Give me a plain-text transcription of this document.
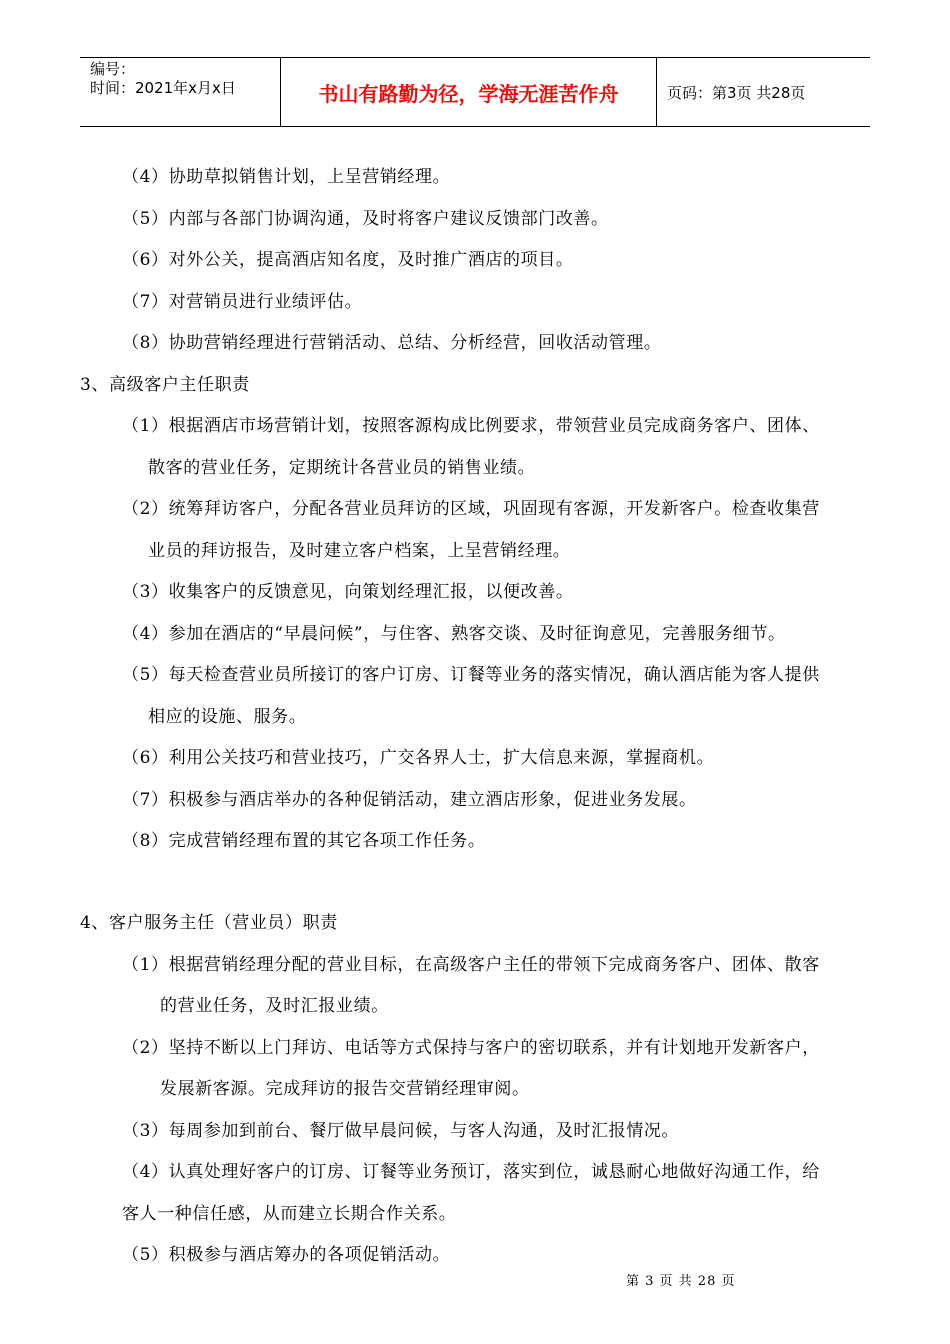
编号：
时间：2021年x月x日	书山有路勤为径，学海无涯苦作舟	页码：第3页 共28页
（4）协助草拟销售计划，上呈营销经理。
（5）内部与各部门协调沟通，及时将客户建议反馈部门改善。
（6）对外公关，提高酒店知名度，及时推广酒店的项目。
（7）对营销员进行业绩评估。
（8）协助营销经理进行营销活动、总结、分析经营，回收活动管理。
3、高级客户主任职责
（1）根据酒店市场营销计划，按照客源构成比例要求，带领营业员完成商务客户、团体、
散客的营业任务，定期统计各营业员的销售业绩。
（2）统筹拜访客户，分配各营业员拜访的区域，巩固现有客源，开发新客户。检查收集营
业员的拜访报告，及时建立客户档案，上呈营销经理。
（3）收集客户的反馈意见，向策划经理汇报，以便改善。
（4）参加在酒店的“早晨问候”，与住客、熟客交谈、及时征询意见，完善服务细节。
（5）每天检查营业员所接订的客户订房、订餐等业务的落实情况，确认酒店能为客人提供
相应的设施、服务。
（6）利用公关技巧和营业技巧，广交各界人士，扩大信息来源，掌握商机。
（7）积极参与酒店举办的各种促销活动，建立酒店形象，促进业务发展。
（8）完成营销经理布置的其它各项工作任务。
4、客户服务主任（营业员）职责
（1）根据营销经理分配的营业目标，在高级客户主任的带领下完成商务客户、团体、散客
的营业任务，及时汇报业绩。
（2）坚持不断以上门拜访、电话等方式保持与客户的密切联系，并有计划地开发新客户，
发展新客源。完成拜访的报告交营销经理审阅。
（3）每周参加到前台、餐厅做早晨问候，与客人沟通，及时汇报情况。
（4）认真处理好客户的订房、订餐等业务预订，落实到位，诚恳耐心地做好沟通工作，给
客人一种信任感，从而建立长期合作关系。
（5）积极参与酒店筹办的各项促销活动。
第 3 页 共 28 页
